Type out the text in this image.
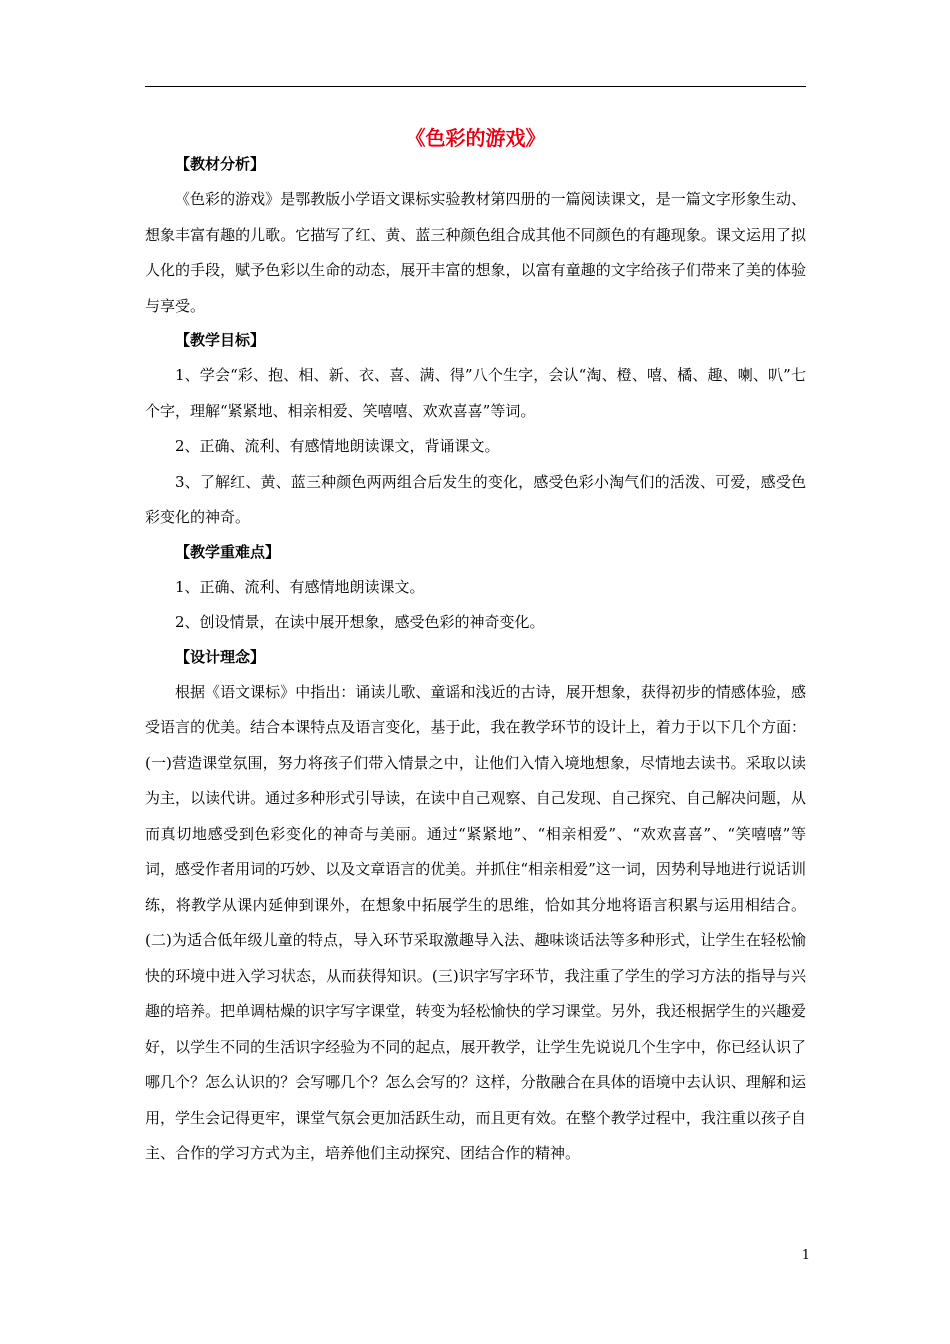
《色彩的游戏》
【教材分析】

《色彩的游戏》是鄂教版小学语文课标实验教材第四册的一篇阅读课文，是一篇文字形象生动、想象丰富有趣的儿歌。它描写了红、黄、蓝三种颜色组合成其他不同颜色的有趣现象。课文运用了拟人化的手段，赋予色彩以生命的动态，展开丰富的想象，以富有童趣的文字给孩子们带来了美的体验与享受。

【教学目标】

1、学会“彩、抱、相、新、衣、喜、满、得”八个生字，会认“淘、橙、嘻、橘、趣、喇、叭”七个字，理解“紧紧地、相亲相爱、笑嘻嘻、欢欢喜喜”等词。

2、正确、流利、有感情地朗读课文，背诵课文。

3、了解红、黄、蓝三种颜色两两组合后发生的变化，感受色彩小淘气们的活泼、可爱，感受色彩变化的神奇。

【教学重难点】

1、正确、流利、有感情地朗读课文。

2、创设情景，在读中展开想象，感受色彩的神奇变化。

【设计理念】

根据《语文课标》中指出：诵读儿歌、童谣和浅近的古诗，展开想象，获得初步的情感体验，感受语言的优美。结合本课特点及语言变化，基于此，我在教学环节的设计上，着力于以下几个方面：(一)营造课堂氛围，努力将孩子们带入情景之中，让他们入情入境地想象，尽情地去读书。采取以读为主，以读代讲。通过多种形式引导读，在读中自己观察、自己发现、自己探究、自己解决问题，从而真切地感受到色彩变化的神奇与美丽。通过“紧紧地”、“相亲相爱”、“欢欢喜喜”、“笑嘻嘻”等词，感受作者用词的巧妙、以及文章语言的优美。并抓住“相亲相爱”这一词，因势利导地进行说话训练，将教学从课内延伸到课外，在想象中拓展学生的思维，恰如其分地将语言积累与运用相结合。(二)为适合低年级儿童的特点，导入环节采取激趣导入法、趣味谈话法等多种形式，让学生在轻松愉快的环境中进入学习状态，从而获得知识。(三)识字写字环节，我注重了学生的学习方法的指导与兴趣的培养。把单调枯燥的识字写字课堂，转变为轻松愉快的学习课堂。另外，我还根据学生的兴趣爱好，以学生不同的生活识字经验为不同的起点，展开教学，让学生先说说几个生字中，你已经认识了哪几个？怎么认识的？会写哪几个？怎么会写的？这样，分散融合在具体的语境中去认识、理解和运用，学生会记得更牢，课堂气氛会更加活跃生动，而且更有效。在整个教学过程中，我注重以孩子自主、合作的学习方式为主，培养他们主动探究、团结合作的精神。

1
